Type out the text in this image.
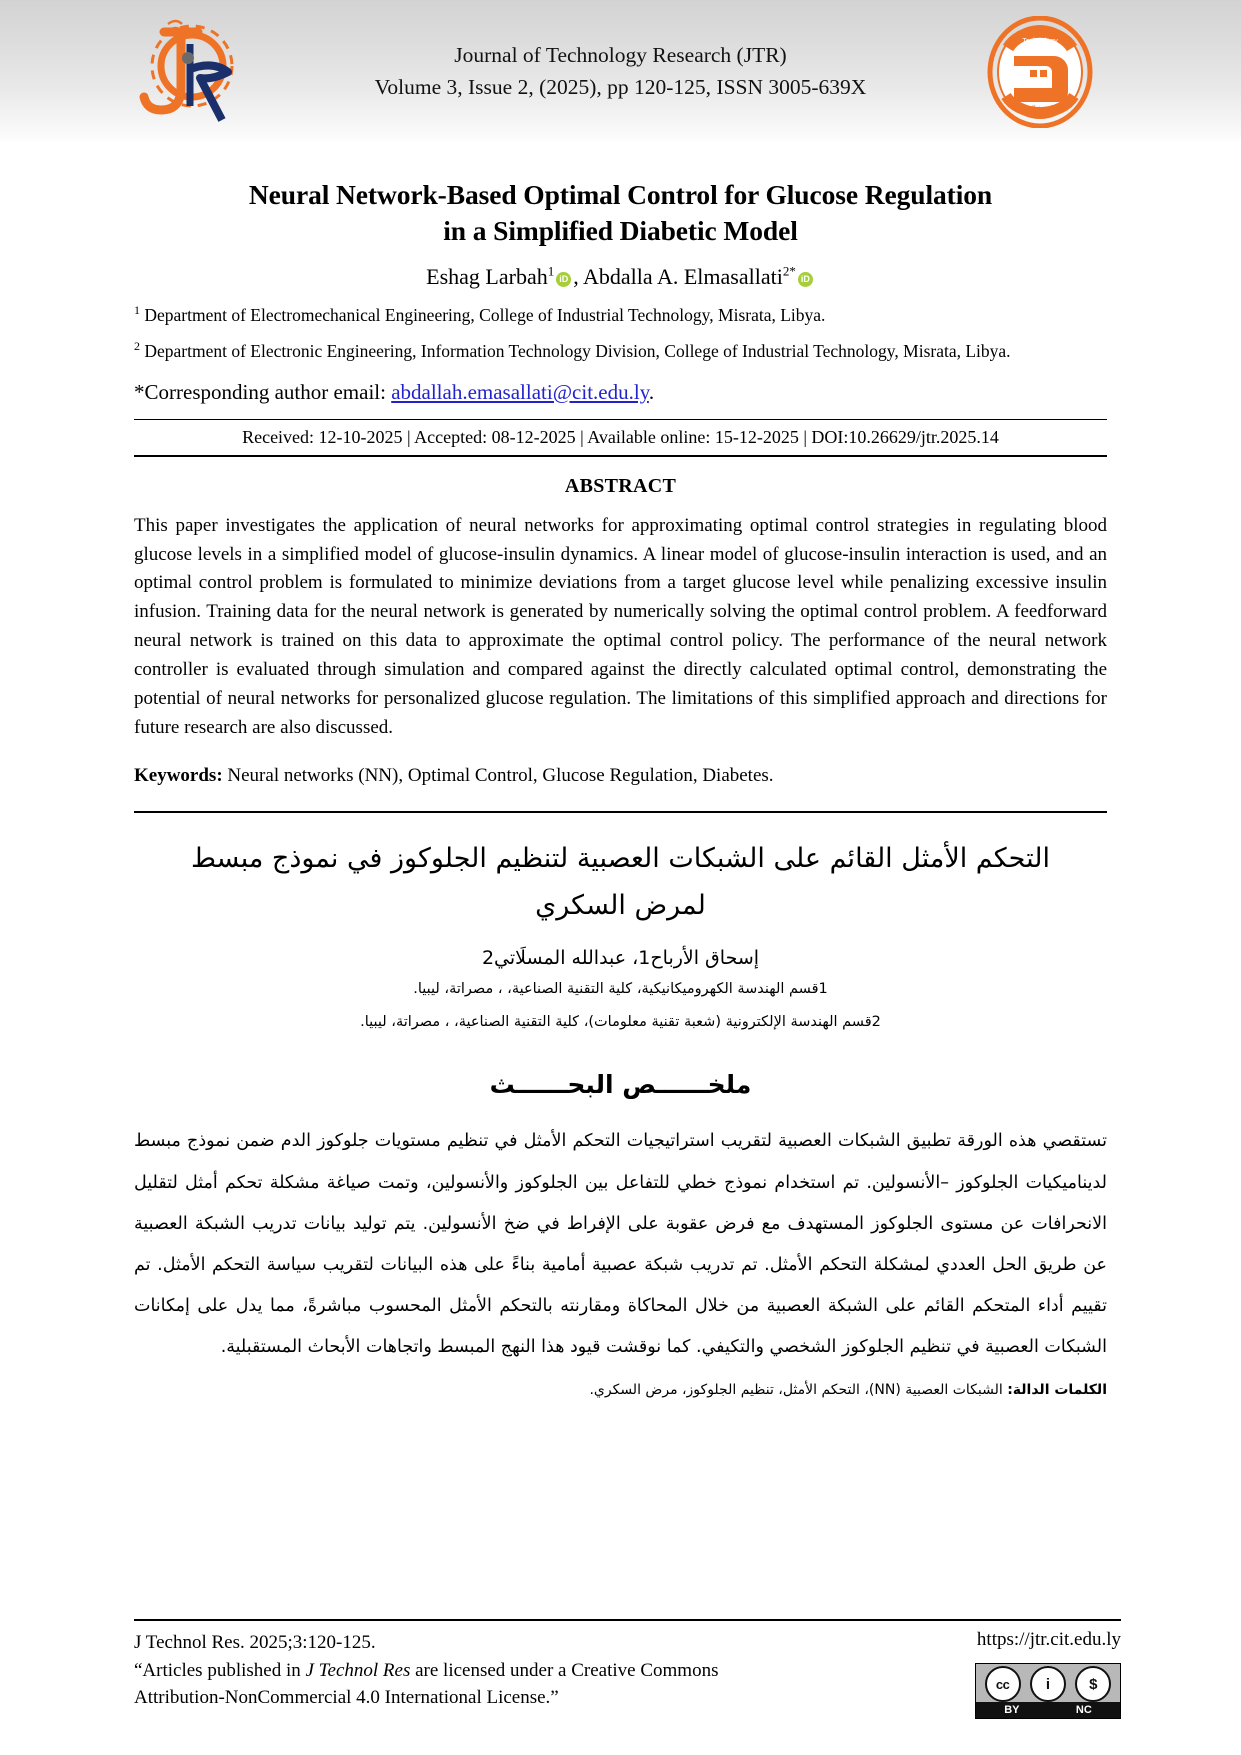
Journal of Technology Research (JTR)
Volume 3, Issue 2, (2025), pp 120-125, ISSN 3005-639X
Technology
كلية التقنية الصناعية
Neural Network-Based Optimal Control for Glucose Regulation
in a Simplified Diabetic Model
Eshag Larbah$^1$iD , Abdalla A. Elmasallati$^{2*}$iD
$^1$ Department of Electromechanical Engineering, College of Industrial Technology, Misrata, Libya.
$^2$ Department of Electronic Engineering, Information Technology Division, College of Industrial Technology, Misrata, Libya.
*Corresponding author email: abdallah.emasallati@cit.edu.ly.
Received: 12-10-2025 | Accepted: 08-12-2025 | Available online: 15-12-2025 | DOI:10.26629/jtr.2025.14
ABSTRACT
This paper investigates the application of neural networks for approximating optimal control strategies in regulating blood glucose levels in a simplified model of glucose-insulin dynamics. A linear model of glucose-insulin interaction is used, and an optimal control problem is formulated to minimize deviations from a target glucose level while penalizing excessive insulin infusion. Training data for the neural network is generated by numerically solving the optimal control problem. A feedforward neural network is trained on this data to approximate the optimal control policy. The performance of the neural network controller is evaluated through simulation and compared against the directly calculated optimal control, demonstrating the potential of neural networks for personalized glucose regulation. The limitations of this simplified approach and directions for future research are also discussed.
Keywords: Neural networks (NN), Optimal Control, Glucose Regulation, Diabetes.
التحكم الأمثل القائم على الشبكات العصبية لتنظيم الجلوكوز في نموذج مبسط
لمرض السكري
إسحاق الأرباح1، عبدالله المسلَاتي2
1قسم الهندسة الكهروميكانيكية، كلية التقنية الصناعية، ، مصراتة، ليبيا.
2قسم الهندسة الإلكترونية (شعبة تقنية معلومات)، كلية التقنية الصناعية، ، مصراتة، ليبيا.
ملخــــــص البحــــــث
تستقصي هذه الورقة تطبيق الشبكات العصبية لتقريب استراتيجيات التحكم الأمثل في تنظيم مستويات جلوكوز الدم ضمن نموذج مبسط لديناميكيات الجلوكوز –الأنسولين. تم استخدام نموذج خطي للتفاعل بين الجلوكوز والأنسولين، وتمت صياغة مشكلة تحكم أمثل لتقليل الانحرافات عن مستوى الجلوكوز المستهدف مع فرض عقوبة على الإفراط في ضخ الأنسولين. يتم توليد بيانات تدريب الشبكة العصبية عن طريق الحل العددي لمشكلة التحكم الأمثل. تم تدريب شبكة عصبية أمامية بناءً على هذه البيانات لتقريب سياسة التحكم الأمثل. تم تقييم أداء المتحكم القائم على الشبكة العصبية من خلال المحاكاة ومقارنته بالتحكم الأمثل المحسوب مباشرةً، مما يدل على إمكانات الشبكات العصبية في تنظيم الجلوكوز الشخصي والتكيفي. كما نوقشت قيود هذا النهج المبسط واتجاهات الأبحاث المستقبلية.
الكلمات الدالة: الشبكات العصبية (NN)، التحكم الأمثل، تنظيم الجلوكوز، مرض السكري.
J Technol Res. 2025;3:120-125.
“Articles published in J Technol Res are licensed under a Creative Commons
Attribution-NonCommercial 4.0 International License.”
https://jtr.cit.edu.ly
cc	i	$
BY	NC
